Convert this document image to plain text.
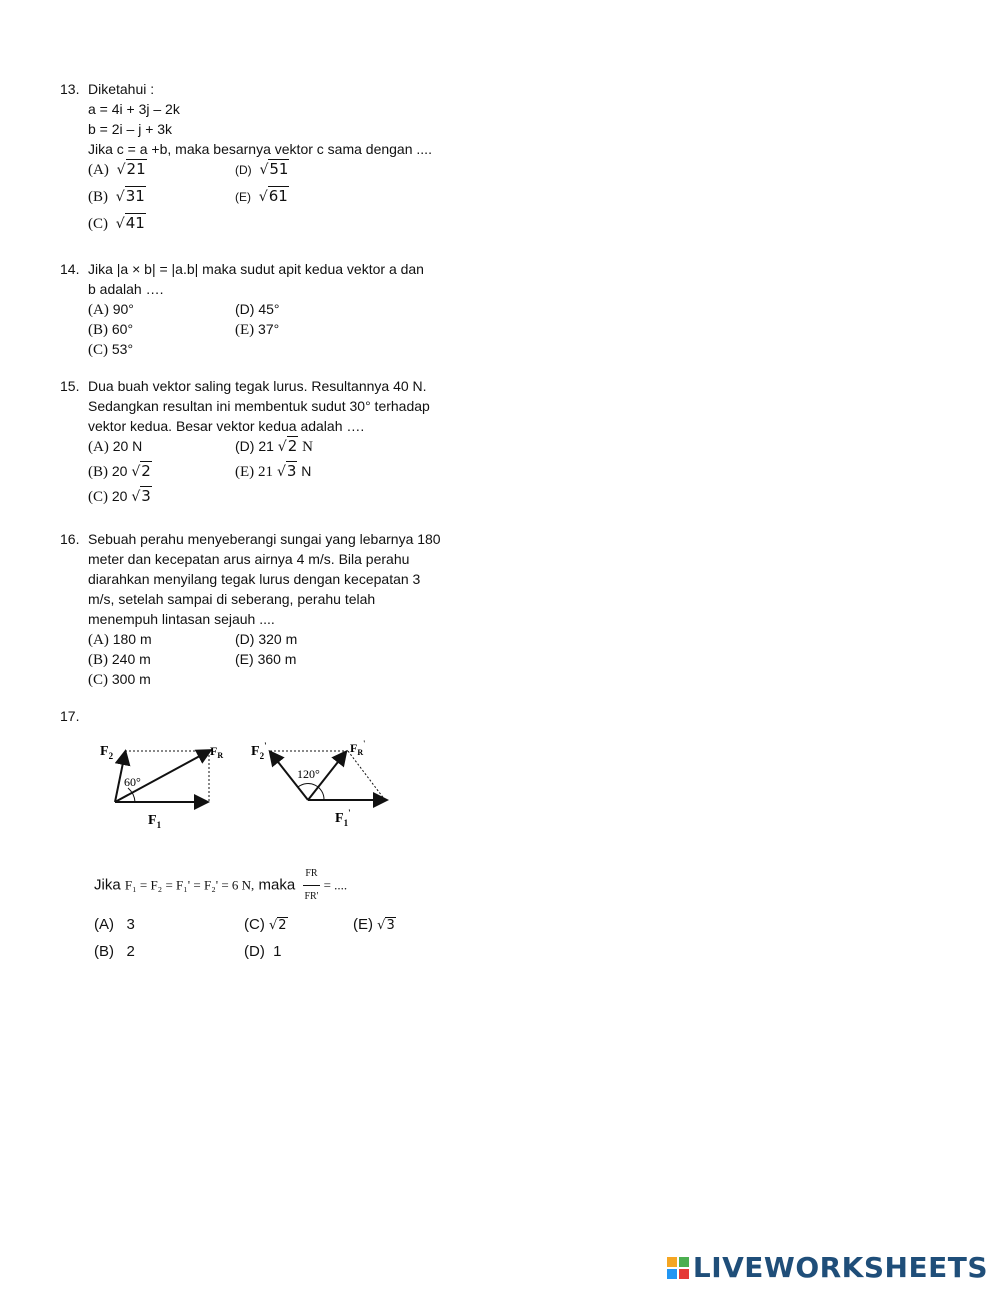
13. Diketahui :
a = 4i + 3j – 2k
b = 2i – j + 3k
Jika c = a +b, maka besarnya vektor c sama dengan ....
(A) √21	(D) √51
(B) √31	(E) √61
(C) √41
14. Jika |a × b| = |a.b| maka sudut apit kedua vektor a dan
b adalah ….
(A) 90°	(D) 45°
(B) 60°	(E) 37°
(C) 53°
15. Dua buah vektor saling tegak lurus. Resultannya 40 N.
Sedangkan resultan ini membentuk sudut 30° terhadap
vektor kedua. Besar vektor kedua adalah ….
(A) 20 N	(D) 21 √2 N
(B) 20 √2	(E) 21 √3 N
(C) 20 √3
16. Sebuah perahu menyeberangi sungai yang lebarnya 180
meter dan kecepatan arus airnya 4 m/s. Bila perahu
diarahkan menyilang tegak lurus dengan kecepatan 3
m/s, setelah sampai di seberang, perahu telah
menempuh lintasan sejauh ....
(A) 180 m	(D) 320 m
(B) 240 m	(E) 360 m
(C) 300 m
17.
60°
$F_2$	$F_R$
$F_1$
120°
$F_2'$	$F_R'$
$F_1'$
Jika F₁ = F₂ = F₁' = F₂' = 6 N, maka $\frac{FR}{FR'}$ = ....
(A) 3	(C) √2	(E) √3
(B) 2	(D) 1
LIVEWORKSHEETS
